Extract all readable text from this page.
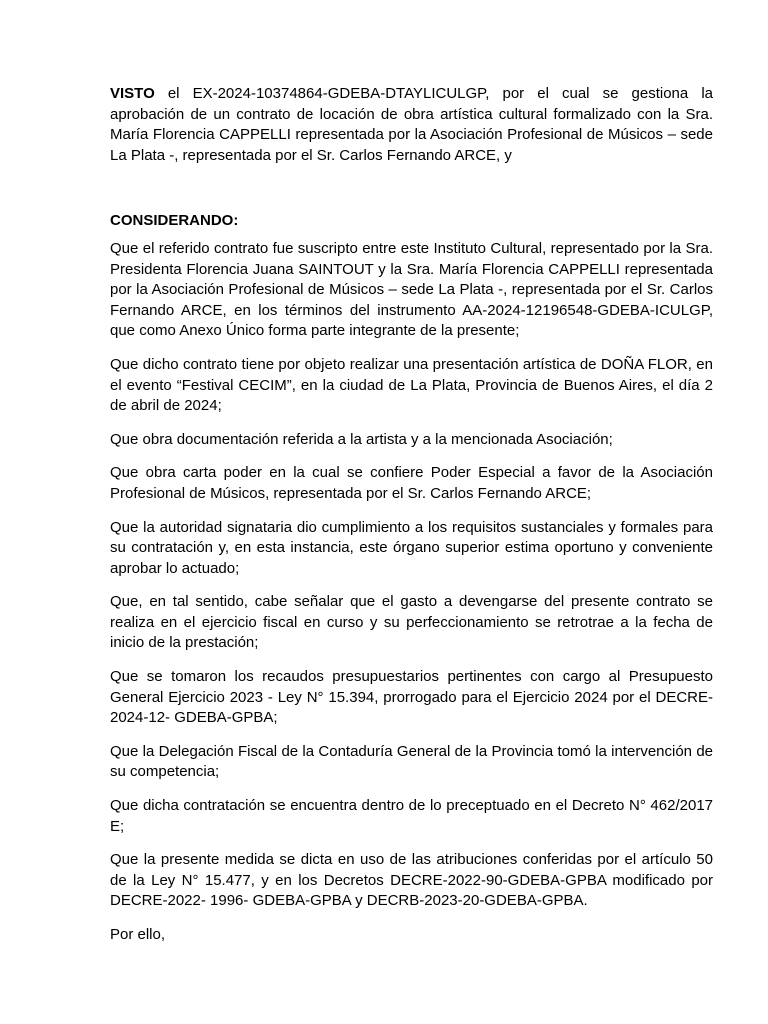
VISTO el EX-2024-10374864-GDEBA-DTAYLICULGP, por el cual se gestiona la aprobación de un contrato de locación de obra artística cultural formalizado con la Sra. María Florencia CAPPELLI representada por la Asociación Profesional de Músicos – sede La Plata -, representada por el Sr. Carlos Fernando ARCE, y

CONSIDERANDO:

Que el referido contrato fue suscripto entre este Instituto Cultural, representado por la Sra. Presidenta Florencia Juana SAINTOUT y la Sra. María Florencia CAPPELLI representada por la Asociación Profesional de Músicos – sede La Plata -, representada por el Sr. Carlos Fernando ARCE, en los términos del instrumento AA-2024-12196548-GDEBA-ICULGP, que como Anexo Único forma parte integrante de la presente;

Que dicho contrato tiene por objeto realizar una presentación artística de DOÑA FLOR, en el evento “Festival CECIM”, en la ciudad de La Plata, Provincia de Buenos Aires, el día 2 de abril de 2024;

Que obra documentación referida a la artista y a la mencionada Asociación;

Que obra carta poder en la cual se confiere Poder Especial a favor de la Asociación Profesional de Músicos, representada por el Sr. Carlos Fernando ARCE;

Que la autoridad signataria dio cumplimiento a los requisitos sustanciales y formales para su contratación y, en esta instancia, este órgano superior estima oportuno y conveniente aprobar lo actuado;

Que, en tal sentido, cabe señalar que el gasto a devengarse del presente contrato se realiza en el ejercicio fiscal en curso y su perfeccionamiento se retrotrae a la fecha de inicio de la prestación;

Que se tomaron los recaudos presupuestarios pertinentes con cargo al Presupuesto General Ejercicio 2023 - Ley N° 15.394, prorrogado para el Ejercicio 2024 por el DECRE-2024-12- GDEBA-GPBA;

Que la Delegación Fiscal de la Contaduría General de la Provincia tomó la intervención de su competencia;

Que dicha contratación se encuentra dentro de lo preceptuado en el Decreto N° 462/2017 E;

Que la presente medida se dicta en uso de las atribuciones conferidas por el artículo 50 de la Ley N° 15.477, y en los Decretos DECRE-2022-90-GDEBA-GPBA modificado por DECRE-2022- 1996- GDEBA-GPBA y DECRB-2023-20-GDEBA-GPBA.

Por ello,
